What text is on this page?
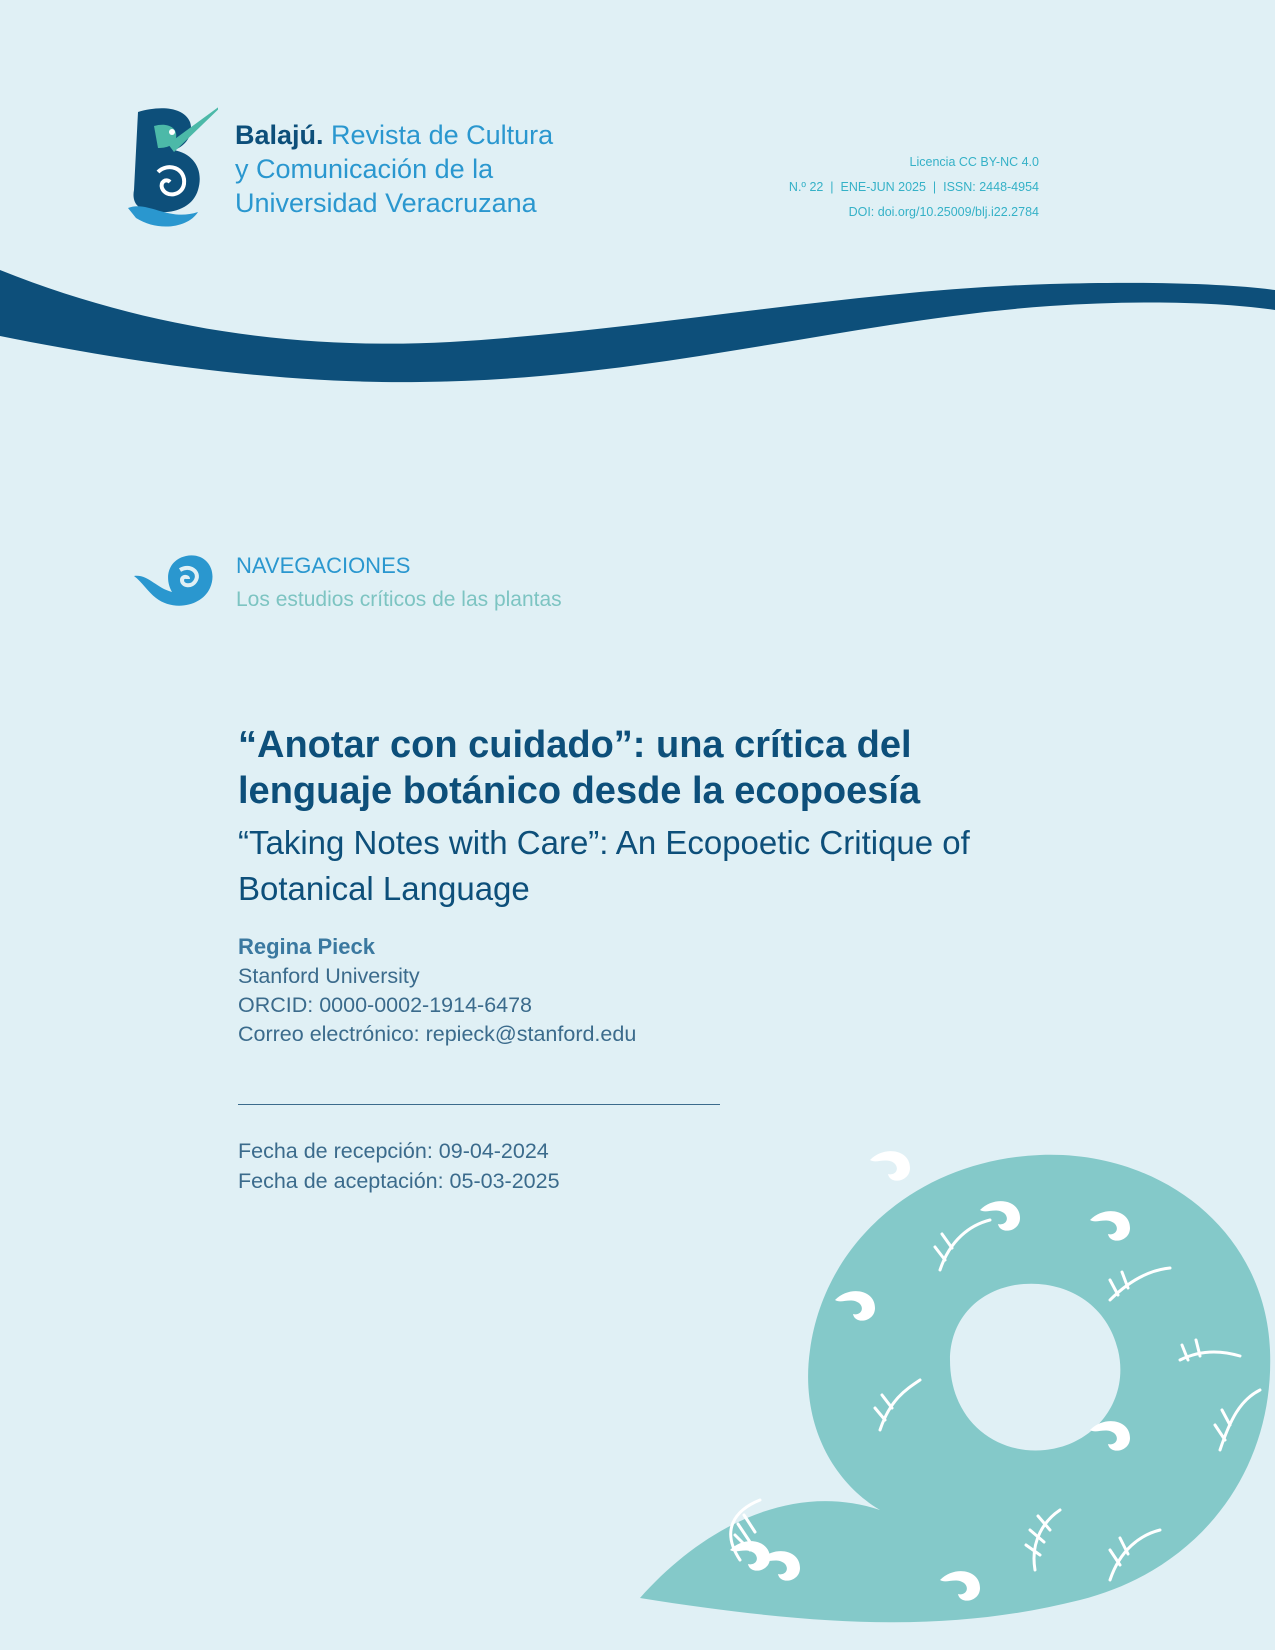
Balajú. Revista de Cultura
y Comunicación de la
Universidad Veracruzana
Licencia CC BY-NC 4.0
N.º 22  |  ENE-JUN 2025  |  ISSN: 2448-4954
DOI: doi.org/10.25009/blj.i22.2784
NAVEGACIONES
Los estudios críticos de las plantas
“Anotar con cuidado”: una crítica del
lenguaje botánico desde la ecopoesía
“Taking Notes with Care”: An Ecopoetic Critique of
Botanical Language
Regina Pieck
Stanford University
ORCID: 0000-0002-1914-6478
Correo electrónico: repieck@stanford.edu
Fecha de recepción: 09-04-2024
Fecha de aceptación: 05-03-2025
